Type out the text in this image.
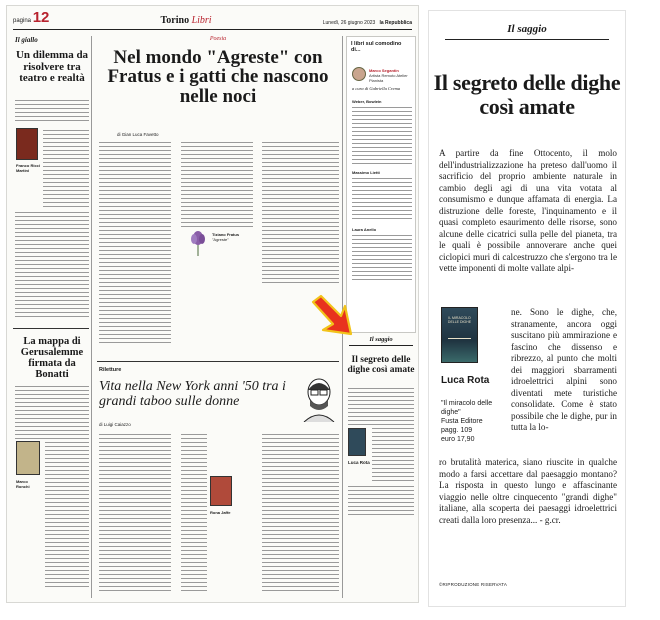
pagina 12	Torino Libri	Lunedì, 26 giugno 2023 la Repubblica
Il giallo
Un dilemma da risolvere tra teatro e realtà
Franco Ricci Martini
La mappa di Gerusalemme firmata da Bonatti
Marco Ronchi
Poesia
Nel mondo "Agreste" con Fratus e i gatti che nascono nelle noci
di Gian Luca Favetto
Tiziano Fratus
"Agreste"
Riletture
Vita nella New York anni '50 tra i grandi taboo sulle donne
di Luigi Caiazzo
Rona Jaffe
I libri sul comodino di...
Marco Segantin
Artista Remoto Atelier Pianista
a cura di Gabriella Crema
Weber, Bowlein
Massimo Lietti
Laura Anello
Il saggio
Il segreto delle dighe così amate
Luca Rota
Il saggio
Il segreto delle dighe così amate
A partire da fine Ottocento, il molo dell'industrializzazione ha preteso dall'uomo il sacrificio del proprio ambiente naturale in cambio degli agi di una vita votata al consumismo e dunque affamata di energia. La distruzione delle foreste, l'inquinamento e il quasi completo esaurimento delle risorse, sono alcune delle cicatrici sulla pelle del pianeta, tra le quali è possibile annoverare anche quei ciclopici muri di calcestruzzo che s'ergono tra le vette imponenti di molte vallate alpi-
IL MIRACOLO DELLE DIGHE
Luca Rota
"Il miracolo delle dighe"
Fusta Editore
pagg. 109
euro 17,90
ne. Sono le dighe, che, stranamente, ancora oggi suscitano più ammirazione e fascino che dissenso e ribrezzo, al punto che molti dei maggiori sbarramenti idroelettrici alpini sono diventati mete turistiche consolidate. Come è stato possibile che le dighe, pur in tutta la lo-
ro brutalità materica, siano riuscite in qualche modo a farsi accettare dal paesaggio montano? La risposta in questo lungo e affascinante viaggio nelle oltre cinquecento "grandi dighe" italiane, alla scoperta dei paesaggi idroelettrici creati dalla loro presenza... - g.cr.
©RIPRODUZIONE RISERVATA
